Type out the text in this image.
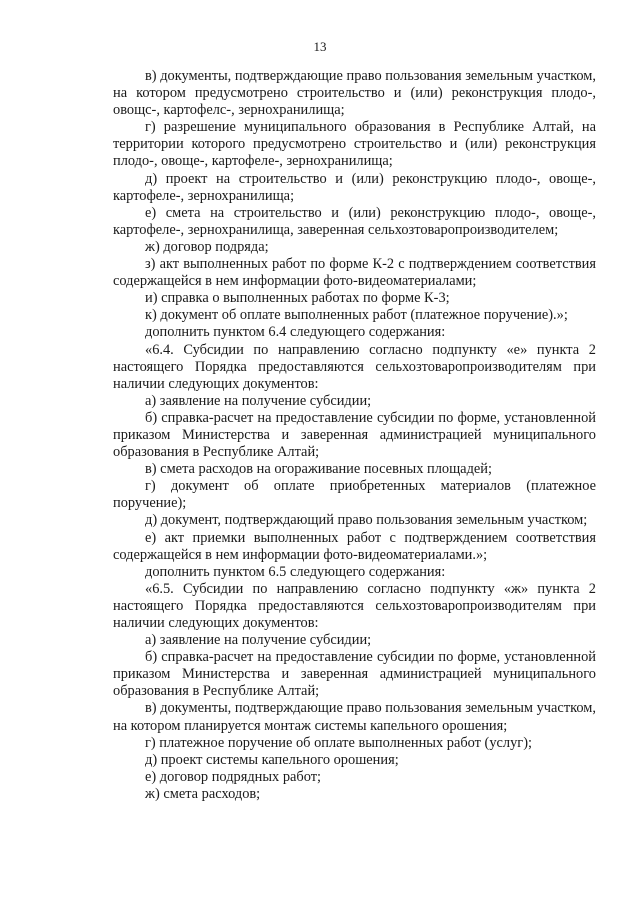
13

в) документы, подтверждающие право пользования земельным участком, на котором предусмотрено строительство и (или) реконструкция плодо-, овощс-, картофелс-, зернохранилища;

г) разрешение муниципального образования в Республике Алтай, на территории которого предусмотрено строительство и (или) реконструкция плодо-, овоще-, картофеле-, зернохранилища;

д) проект на строительство и (или) реконструкцию плодо-, овоще-, картофеле-, зернохранилища;

е) смета на строительство и (или) реконструкцию плодо-, овоще-, картофеле-, зернохранилища, заверенная сельхозтоваропроизводителем;

ж) договор подряда;

з) акт выполненных работ по форме К-2 с подтверждением соответствия содержащейся в нем информации фото-видеоматериалами;

и) справка о выполненных работах по форме К-3;

к) документ об оплате выполненных работ (платежное поручение).»;

дополнить пунктом 6.4 следующего содержания:

«6.4. Субсидии по направлению согласно подпункту «е» пункта 2 настоящего Порядка предоставляются сельхозтоваропроизводителям при наличии следующих документов:

а) заявление на получение субсидии;

б) справка-расчет на предоставление субсидии по форме, установленной приказом Министерства и заверенная администрацией муниципального образования в Республике Алтай;

в) смета расходов на огораживание посевных площадей;

г) документ об оплате приобретенных материалов (платежное поручение);

д) документ, подтверждающий право пользования земельным участком;

е) акт приемки выполненных работ с подтверждением соответствия содержащейся в нем информации фото-видеоматериалами.»;

дополнить пунктом 6.5 следующего содержания:

«6.5. Субсидии по направлению согласно подпункту «ж» пункта 2 настоящего Порядка предоставляются сельхозтоваропроизводителям при наличии следующих документов:

а) заявление на получение субсидии;

б) справка-расчет на предоставление субсидии по форме, установленной приказом Министерства и заверенная администрацией муниципального образования в Республике Алтай;

в) документы, подтверждающие право пользования земельным участком, на котором планируется монтаж системы капельного орошения;

г) платежное поручение об оплате выполненных работ (услуг);

д) проект системы капельного орошения;

е) договор подрядных работ;

ж) смета расходов;
